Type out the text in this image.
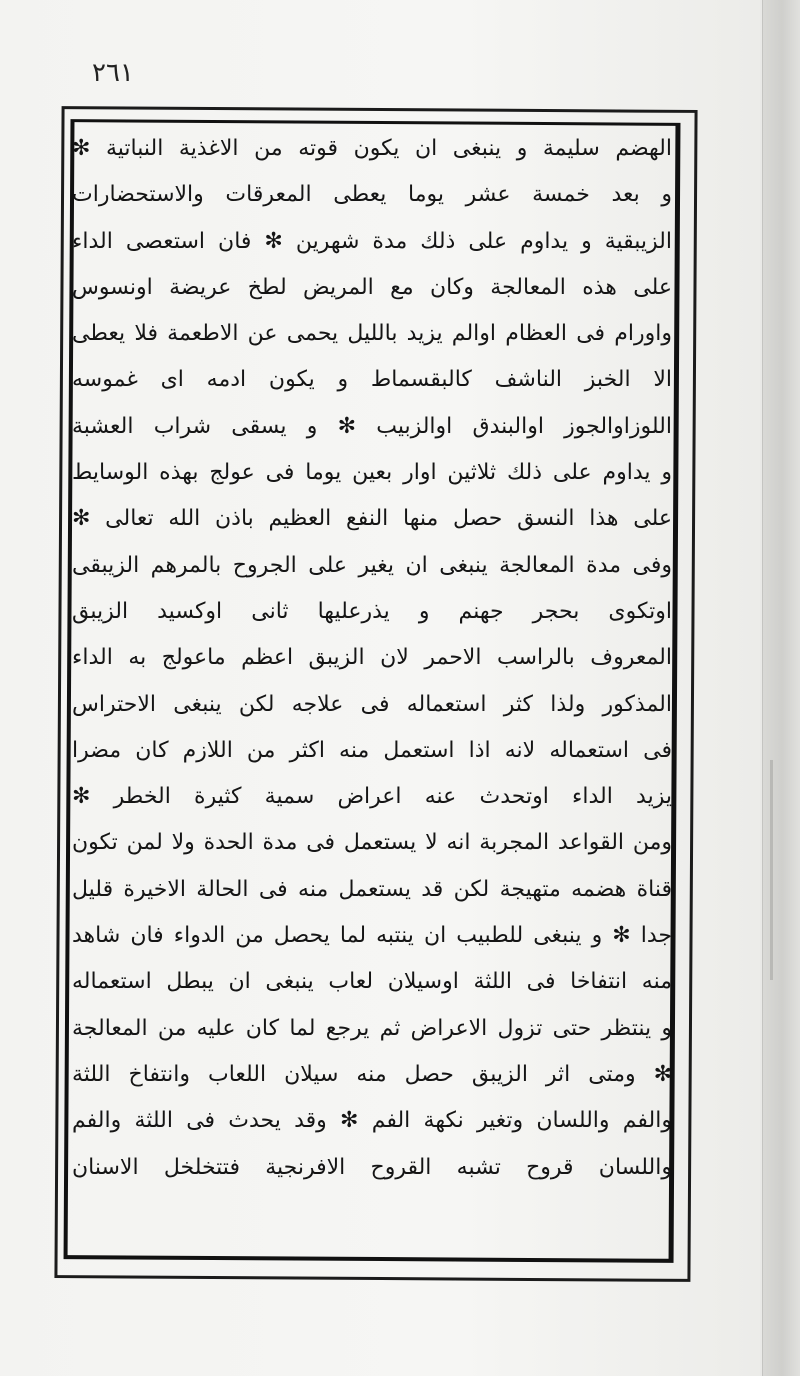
٢٦١
الهضم سليمة و ينبغى ان يكون قوته من الاغذية النباتية ✻
و بعد خمسة عشر يوما يعطى المعرقات والاستحضارات
الزيبقية و يداوم على ذلك مدة شهرين ✻ فان استعصى الداء
على هذه المعالجة وكان مع المريض لطخ عريضة اونسوس
واورام فى العظام اوالم يزيد بالليل يحمى عن الاطعمة فلا يعطى
الا الخبز الناشف كالبقسماط و يكون ادمه اى غموسه
اللوزاوالجوز اوالبندق اوالزبيب ✻ و يسقى شراب العشبة
و يداوم على ذلك ثلاثين اوار بعين يوما فى عولج بهذه الوسايط
على هذا النسق حصل منها النفع العظيم باذن الله تعالى ✻
وفى مدة المعالجة ينبغى ان يغير على الجروح بالمرهم الزيبقى
اوتكوى بحجر جهنم و يذرعليها ثانى اوكسيد الزيبق
المعروف بالراسب الاحمر لان الزيبق اعظم ماعولج به الداء
المذكور ولذا كثر استعماله فى علاجه لكن ينبغى الاحتراس
فى استعماله لانه اذا استعمل منه اكثر من اللازم كان مضرا
يزيد الداء اوتحدث عنه اعراض سمية كثيرة الخطر ✻
ومن القواعد المجربة انه لا يستعمل فى مدة الحدة ولا لمن تكون
قناة هضمه متهيجة لكن قد يستعمل منه فى الحالة الاخيرة قليل
جدا ✻ و ينبغى للطبيب ان ينتبه لما يحصل من الدواء فان شاهد
منه انتفاخا فى اللثة اوسيلان لعاب ينبغى ان يبطل استعماله
و ينتظر حتى تزول الاعراض ثم يرجع لما كان عليه من المعالجة
✻ ومتى اثر الزيبق حصل منه سيلان اللعاب وانتفاخ اللثة
والفم واللسان وتغير نكهة الفم ✻ وقد يحدث فى اللثة والفم
واللسان قروح تشبه القروح الافرنجية فتتخلخل الاسنان
